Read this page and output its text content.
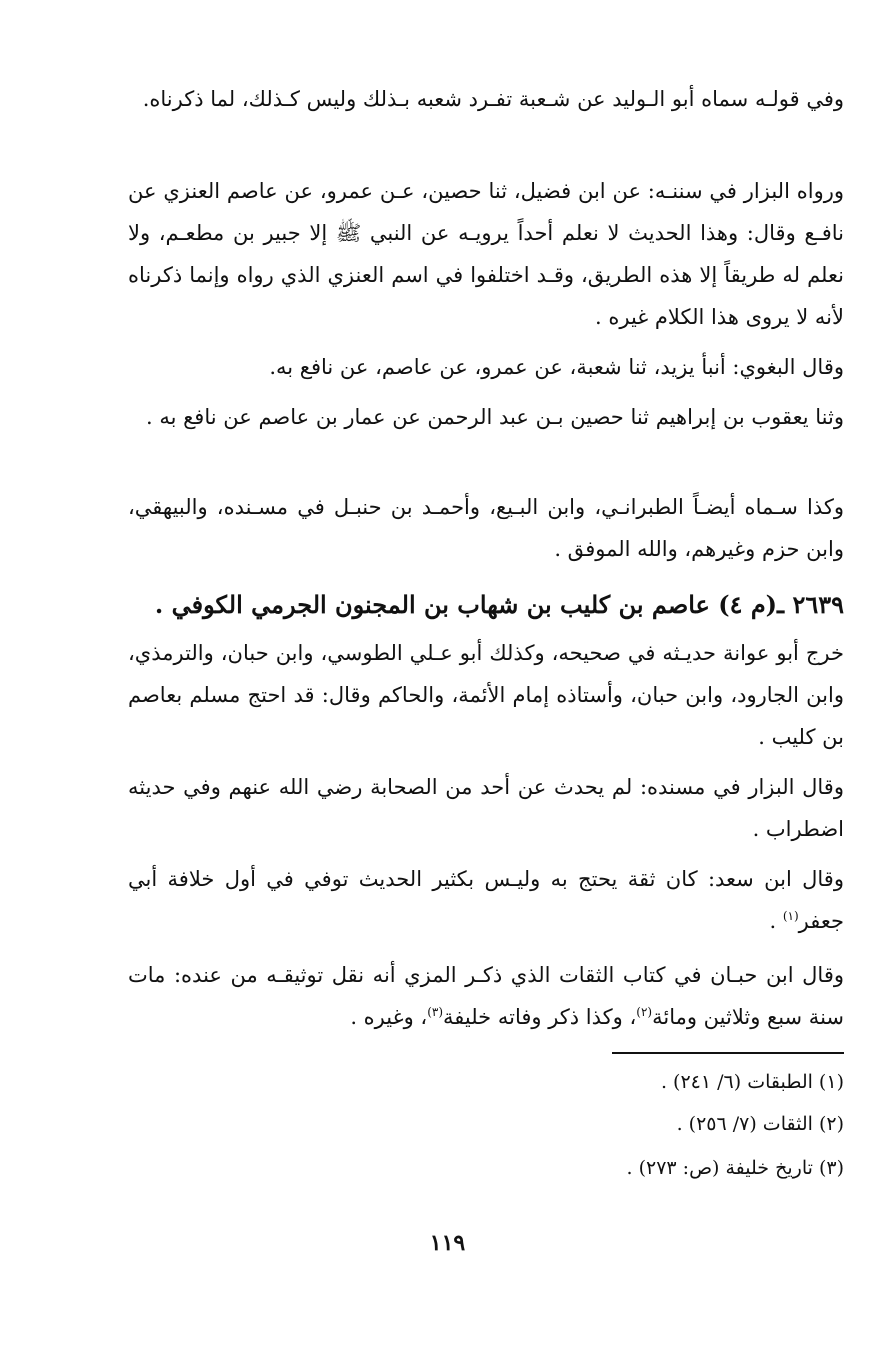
وفي قولـه سماه أبو الـوليد عن شـعبة تفـرد شعبه بـذلك وليس كـذلك، لما ذكرناه.
ورواه البزار في سننـه: عن ابن فضيل، ثنا حصين، عـن عمرو، عن عاصم العنزي عن نافـع وقال: وهذا الحديث لا نعلم أحداً يرويـه عن النبي ﷺ إلا جبير بن مطعـم، ولا نعلم له طريقاً إلا هذه الطريق، وقـد اختلفوا في اسم العنزي الذي رواه وإنما ذكرناه لأنه لا يروى هذا الكلام غيره .
وقال البغوي: أنبأ يزيد، ثنا شعبة، عن عمرو، عن عاصم، عن نافع به.
وثنا يعقوب بن إبراهيم ثنا حصين بـن عبد الرحمن عن عمار بن عاصم عن نافع به .
وكذا سـماه أيضـاً الطبرانـي، وابن البـيع، وأحمـد بن حنبـل في مسـنده، والبيهقي، وابن حزم وغيرهم، والله الموفق .
٢٦٣٩ ـ(م ٤) عاصم بن كليب بن شهاب بن المجنون الجرمي الكوفي .
خرج أبو عوانة حديـثه في صحيحه، وكذلك أبو عـلي الطوسي، وابن حبان، والترمذي، وابن الجارود، وابن حبان، وأستاذه إمام الأئمة، والحاكم وقال: قد احتج مسلم بعاصم بن كليب .
وقال البزار في مسنده: لم يحدث عن أحد من الصحابة رضي الله عنهم وفي حديثه اضطراب .
وقال ابن سعد: كان ثقة يحتج به وليـس بكثير الحديث توفي في أول خلافة أبي جعفر$^{(١)}$ .
وقال ابن حبـان في كتاب الثقات الذي ذكـر المزي أنه نقل توثيقـه من عنده: مات سنة سبع وثلاثين ومائة$^{(٢)}$، وكذا ذكر وفاته خليفة$^{(٣)}$، وغيره .
(١) الطبقات (٦/ ٢٤١) .
(٢) الثقات (٧/ ٢٥٦) .
(٣) تاريخ خليفة (ص: ٢٧٣) .
١١٩
